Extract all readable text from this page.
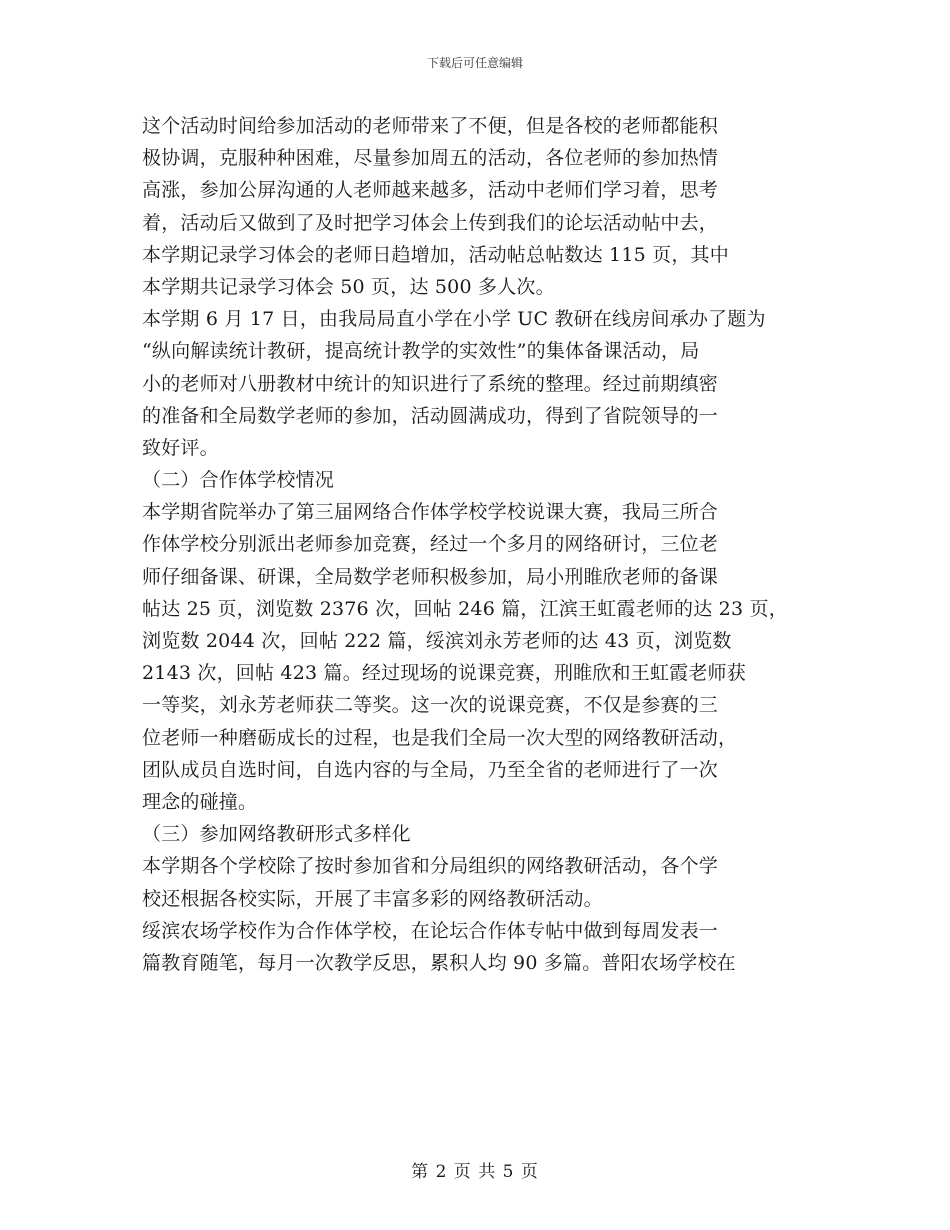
下载后可任意编辑
这个活动时间给参加活动的老师带来了不便，但是各校的老师都能积
极协调，克服种种困难，尽量参加周五的活动，各位老师的参加热情
高涨，参加公屏沟通的人老师越来越多，活动中老师们学习着，思考
着，活动后又做到了及时把学习体会上传到我们的论坛活动帖中去，
本学期记录学习体会的老师日趋增加，活动帖总帖数达 115 页，其中
本学期共记录学习体会 50 页，达 500 多人次。
本学期 6 月 17 日，由我局局直小学在小学 UC 教研在线房间承办了题为
“纵向解读统计教研，提高统计教学的实效性”的集体备课活动，局
小的老师对八册教材中统计的知识进行了系统的整理。经过前期缜密
的准备和全局数学老师的参加，活动圆满成功，得到了省院领导的一
致好评。
（二）合作体学校情况
本学期省院举办了第三届网络合作体学校学校说课大赛，我局三所合
作体学校分别派出老师参加竞赛，经过一个多月的网络研讨，三位老
师仔细备课、研课，全局数学老师积极参加，局小刑睢欣老师的备课
帖达 25 页，浏览数 2376 次，回帖 246 篇，江滨王虹霞老师的达 23 页，
浏览数 2044 次，回帖 222 篇，绥滨刘永芳老师的达 43 页，浏览数
2143 次，回帖 423 篇。经过现场的说课竞赛，刑睢欣和王虹霞老师获
一等奖，刘永芳老师获二等奖。这一次的说课竞赛，不仅是参赛的三
位老师一种磨砺成长的过程，也是我们全局一次大型的网络教研活动，
团队成员自选时间，自选内容的与全局，乃至全省的老师进行了一次
理念的碰撞。
（三）参加网络教研形式多样化
本学期各个学校除了按时参加省和分局组织的网络教研活动，各个学
校还根据各校实际，开展了丰富多彩的网络教研活动。
绥滨农场学校作为合作体学校，在论坛合作体专帖中做到每周发表一
篇教育随笔，每月一次教学反思，累积人均 90 多篇。普阳农场学校在
第 2 页 共 5 页
